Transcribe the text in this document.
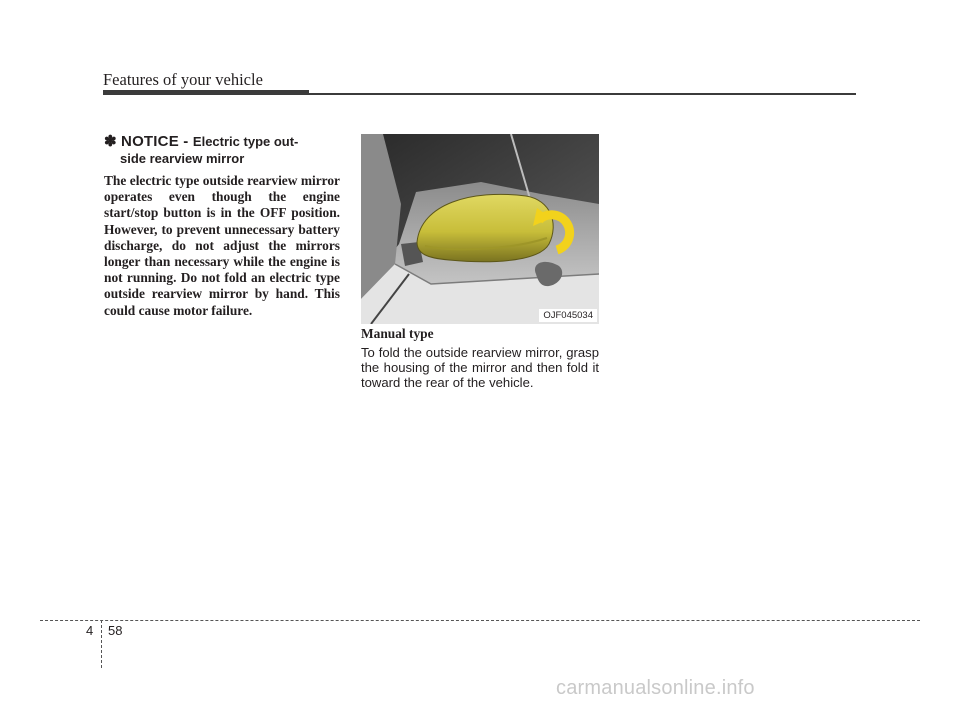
Features of your vehicle
✽ NOTICE - Electric type out-
side rearview mirror
The electric type outside rearview mirror operates even though the engine start/stop button is in the OFF position. However, to prevent unnecessary battery discharge, do not adjust the mirrors longer than necessary while the engine is not running. Do not fold an electric type outside rearview mirror by hand. This could cause motor failure.	OJF045034
Manual type
To fold the outside rearview mirror, grasp the housing of the mirror and then fold it toward the rear of the vehicle.
4 58
carmanualsonline.info
